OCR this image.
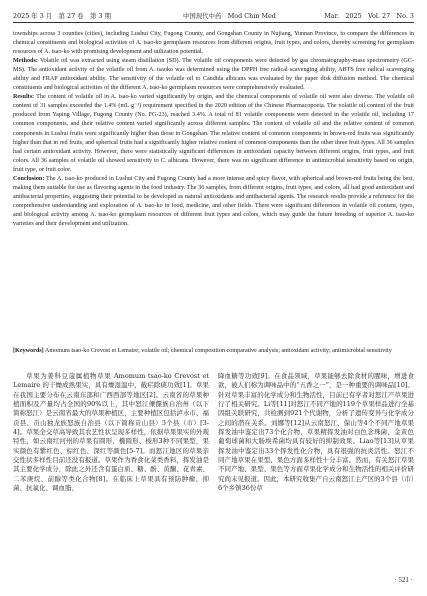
2025 年 3 月　第 27 卷　第 3 期	中国现代中药　Mod Chin Med	Mar.　2025　Vol. 27　No. 3

townships across 3 counties (cities), including Lushui City, Fugong County, and Gongshan County in Nujiang, Yunnan Province, to compare the differences in chemical constituents and biological activities of A. tsao-ko germplasm resources from different origins, fruit types, and colors, thereby screening for germplasm resources of A. tsao-ko with promising development and utilization potential.

Methods: Volatile oil was extracted using steam distillation (SD). The volatile oil components were detected by gas chromatography-mass spectrometry (GC-MS). The antioxidant activity of the volatile oil from A. tsaoko was determined using the DPPH free radical scavenging ability, ABTS free radical scavenging ability and FRAP antioxidant ability. The sensitivity of the volatile oil to Candida albicans was evaluated by the paper disk diffusion method. The chemical constituents and biological activities of the different A. tsao-ko germplasm resources were comprehensively evaluated.

Results: The content of volatile oil in A. tsao-ko varied significantly by origin, and the chemical components of volatile oil were also diverse. The volatile oil content of 31 samples exceeded the 1.4% (mL·g⁻¹) requirement specified in the 2020 edition of the Chinese Pharmacopoeia. The volatile oil content of the fruit produced from Yaping Village, Fugong County (No. FG-23), reached 3.4%. A total of 81 volatile components were detected in the volatile oil, including 17 common components, and their relative content varied significantly across different samples. The content of volatile oil and the relative content of common components in Lushui fruits were significantly higher than those in Gongshan. The relative content of common components in brown-red fruits was significantly higher than that in red fruits, and spherical fruits had a significantly higher relative content of common components than the other three fruit types. All 36 samples had certain antioxidant activity. However, there were statistically significant differences in antioxidant capacity between different origins, fruit types, and fruit colors. All 36 samples of volatile oil showed sensitivity to C. albicans. However, there was no significant difference in antimicrobial sensitivity based on origin, fruit type, or fruit color.

Conclusion: The A. tsao-ko produced in Lushui City and Fugong County had a more intense and spicy flavor, with spherical and brown-red fruits being the best, making them suitable for use as flavoring agents in the food industry. The 36 samples, from different origins, fruit types, and colors, all had good antioxidant and antibacterial properties, suggesting their potential to be developed as natural antioxidants and antibacterial agents. The research results provide a reference for the comprehensive understanding and exploration of A. tsao-ko in food, medicine, and other fields. There were significant differences in volatile oil content, types, and biological activity among A. tsao-ko germplasm resources of different fruit types and colors, which may guide the future breeding of superior A. tsao-ko varieties and their development and utilization.

[Keywords] Amomum tsao-ko Crevost et Lemaire; volatile oil; chemical composition comparative analysis; antioxidant activity; antimicrobial sensitivity

草果为姜科豆蔻属植物草果 Amomum tsao-ko Crevost et Lemaire 的干燥成熟果实，具有燥湿温中，截疟除痰功效[1]。草果在我国主要分布在云南东部和广西西部等地区[2]。云南省的草果种植面积及产量均占全国的90%以上，其中怒江傈僳族自治州（以下简称怒江）是云南省最大的草果种植区，主要种植区包括泸水市、福贡县、贡山独龙族怒族自治县（以下简称贡山县）3个县（市）[3-4]。草果全交草高导致其农艺性状呈现多样性，依据草果果实的外观特性，如云南红河州的草果有圆形、椭圆形、梭形3种不同果型，果实颜色有紫红色、棕红色、深红等颜色[5-7]。而怒江地区的草果亲交性状多样性目前还没有报道。草果作为香食化菜类香料，挥发油是其主要化学成分，除此之外还含有蛋白质、糖、酚、黄酮、花青素、二苯庚烷、前醇等类化合物[8]。在临床上草果具有预防肿瘤、抑菌、抗氧化、调血脂、

降血糖等功效[9]。在食品领域，草果能够去除食材的腥味，增进食欲，被人们称为调味品中的“五香之一”，是一种重要的调味品[10]。针对草果丰富的化学成分和生物活性，目前已有学者对怒江产草果进行了相关研究。Li等[11]对怒江不同产地的119个草果样品进行全基因组关联研究，共检测到921个代谢物，分析了遗传变异与化学成分之间的潜在关系。刘娜等[12]从云南怒江、保山等4个不同产地草果挥发油中鉴定出73个化合物，草果精挥发油对白色念珠菌、金黄色葡萄球菌和大肠埃希菌均具有较好的抑制效果。Liao等[13]从草果挥发油中鉴定出33个挥发性化合物，具有很强的抗炎活性。怒江不同产地草果在果型、果色方面多样性十分丰富。然而，有关怒江草果不同产地、果型、果色等方面草果化学成分和生物活性的相关评价研究尚未见报道。因此，本研究收集产自云南怒江主产区的3个县（市）6个乡镇36份草

· 521 ·
